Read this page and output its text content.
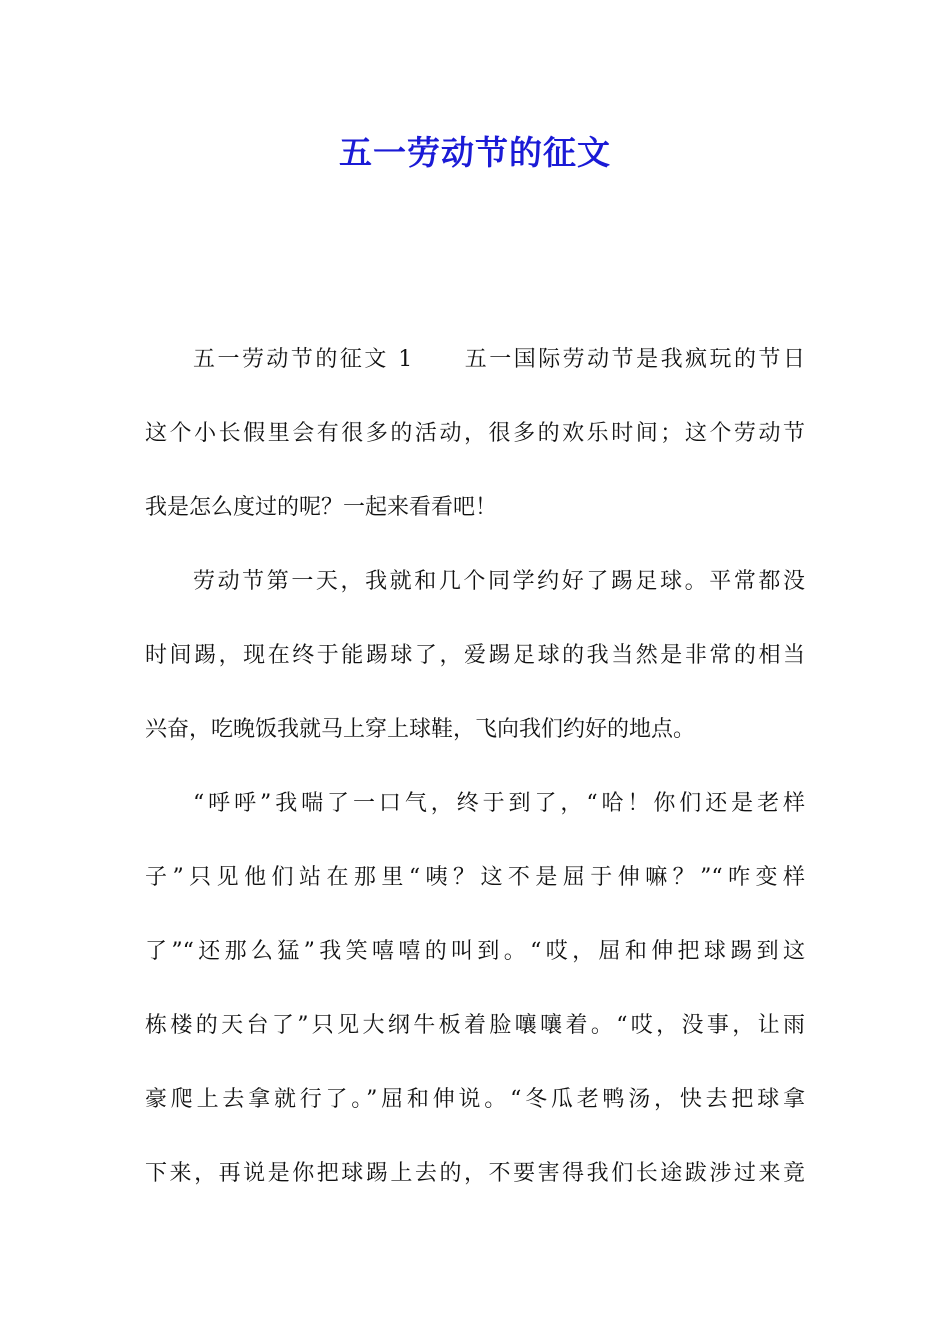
五一劳动节的征文
五一劳动节的征文 1 五一国际劳动节是我疯玩的节日
这个小长假里会有很多的活动，很多的欢乐时间；这个劳动节
我是怎么度过的呢？一起来看看吧！
劳动节第一天，我就和几个同学约好了踢足球。平常都没
时间踢，现在终于能踢球了，爱踢足球的我当然是非常的相当
兴奋，吃晚饭我就马上穿上球鞋，飞向我们约好的地点。
“呼呼”我喘了一口气，终于到了，“哈！你们还是老样
子”只见他们站在那里“咦？这不是屈于伸嘛？”“咋变样
了”“还那么猛”我笑嘻嘻的叫到。“哎，屈和伸把球踢到这
栋楼的天台了”只见大纲牛板着脸嚷嚷着。“哎，没事，让雨
豪爬上去拿就行了。”屈和伸说。“冬瓜老鸭汤，快去把球拿
下来，再说是你把球踢上去的，不要害得我们长途跋涉过来竟
